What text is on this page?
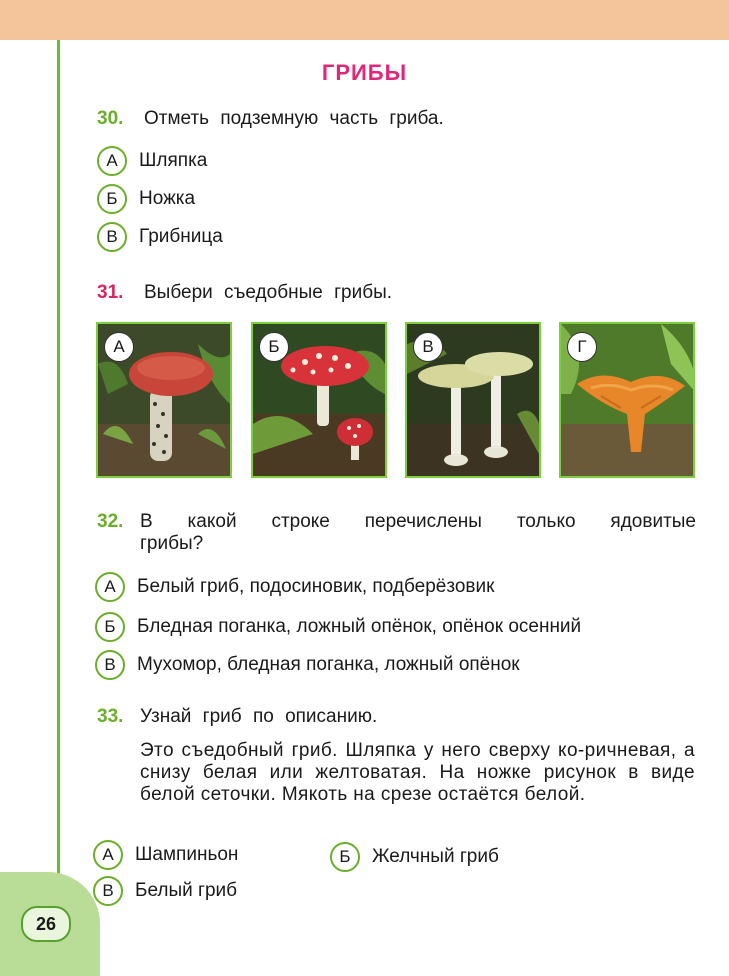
26
ГРИБЫ
30. Отметь подземную часть гриба.
А	Шляпка
Б	Ножка
В	Грибница
31. Выбери съедобные грибы.
А	Б	В	Г
32. В какой строке перечислены только ядовитые
грибы?
А	Белый гриб, подосиновик, подберёзовик
Б	Бледная поганка, ложный опёнок, опёнок осенний
В	Мухомор, бледная поганка, ложный опёнок
33. Узнай гриб по описанию.
Это съедобный гриб. Шляпка у него сверху ко-ричневая, а снизу белая или желтоватая. На ножке рисунок в виде белой сеточки. Мякоть на срезе остаётся белой.
А	Шампиньон	Б	Желчный гриб
В	Белый гриб
